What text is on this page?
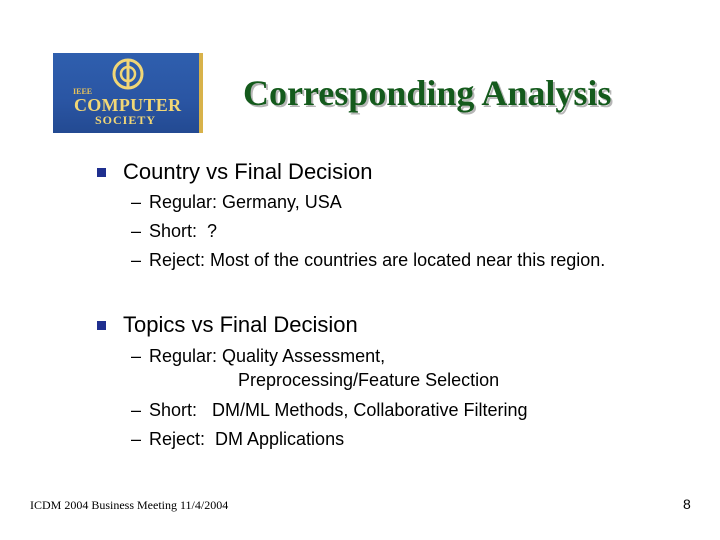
IEEE
COMPUTER
SOCIETY
Corresponding Analysis
Country vs Final Decision
– Regular: Germany, USA
– Short:  ?
– Reject: Most of the countries are located near this region.
Topics vs Final Decision
– Regular: Quality Assessment,
Preprocessing/Feature Selection
– Short:   DM/ML Methods, Collaborative Filtering
– Reject:  DM Applications
ICDM 2004 Business Meeting 11/4/2004	8
